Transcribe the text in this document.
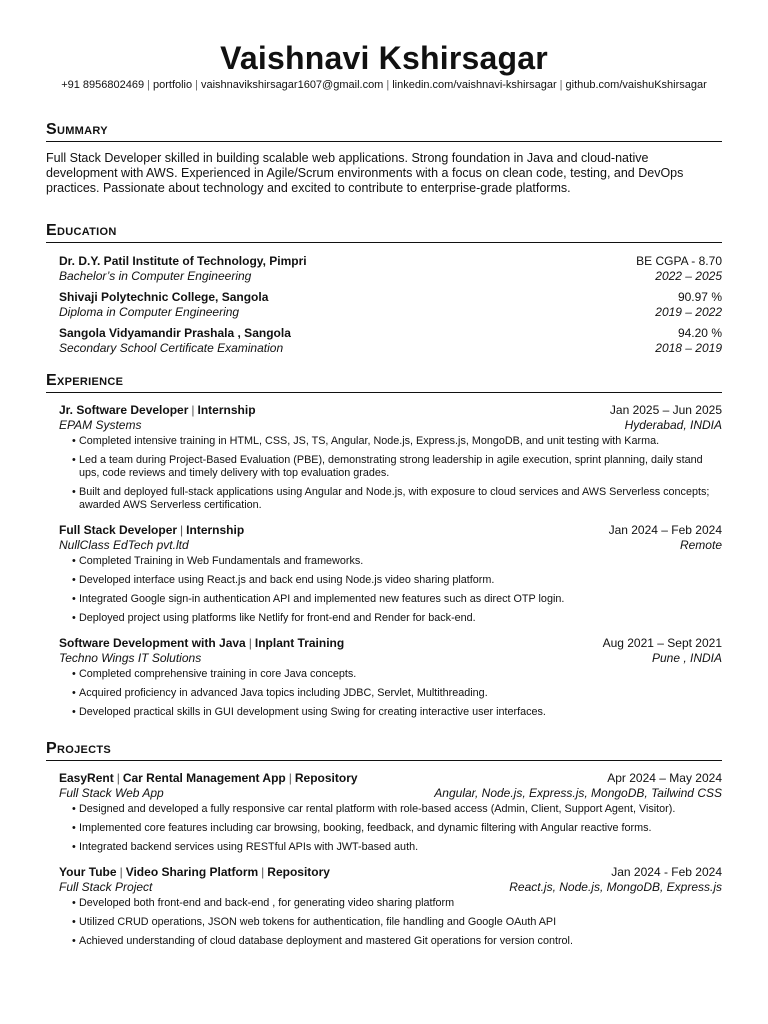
Vaishnavi Kshirsagar
+91 8956802469 | portfolio | vaishnavikshirsagar1607@gmail.com | linkedin.com/vaishnavi-kshirsagar | github.com/vaishuKshirsagar
Summary
Full Stack Developer skilled in building scalable web applications. Strong foundation in Java and cloud-native development with AWS. Experienced in Agile/Scrum environments with a focus on clean code, testing, and DevOps practices. Passionate about technology and excited to contribute to enterprise-grade platforms.
Education
Dr. D.Y. Patil Institute of Technology, Pimpri	BE CGPA - 8.70
Bachelor’s in Computer Engineering	2022 – 2025
Shivaji Polytechnic College, Sangola	90.97 %
Diploma in Computer Engineering	2019 – 2022
Sangola Vidyamandir Prashala , Sangola	94.20 %
Secondary School Certificate Examination	2018 – 2019
Experience
Jr. Software Developer | Internship	Jan 2025 – Jun 2025
EPAM Systems	Hyderabad, INDIA
• Completed intensive training in HTML, CSS, JS, TS, Angular, Node.js, Express.js, MongoDB, and unit testing with Karma.
• Led a team during Project-Based Evaluation (PBE), demonstrating strong leadership in agile execution, sprint planning, daily stand ups, code reviews and timely delivery with top evaluation grades.
• Built and deployed full-stack applications using Angular and Node.js, with exposure to cloud services and AWS Serverless concepts; awarded AWS Serverless certification.
Full Stack Developer | Internship	Jan 2024 – Feb 2024
NullClass EdTech pvt.ltd	Remote
• Completed Training in Web Fundamentals and frameworks.
• Developed interface using React.js and back end using Node.js video sharing platform.
• Integrated Google sign-in authentication API and implemented new features such as direct OTP login.
• Deployed project using platforms like Netlify for front-end and Render for back-end.
Software Development with Java | Inplant Training	Aug 2021 – Sept 2021
Techno Wings IT Solutions	Pune , INDIA
• Completed comprehensive training in core Java concepts.
• Acquired proficiency in advanced Java topics including JDBC, Servlet, Multithreading.
• Developed practical skills in GUI development using Swing for creating interactive user interfaces.
Projects
EasyRent | Car Rental Management App | Repository	Apr 2024 – May 2024
Full Stack Web App	Angular, Node.js, Express.js, MongoDB, Tailwind CSS
• Designed and developed a fully responsive car rental platform with role-based access (Admin, Client, Support Agent, Visitor).
• Implemented core features including car browsing, booking, feedback, and dynamic filtering with Angular reactive forms.
• Integrated backend services using RESTful APIs with JWT-based auth.
Your Tube | Video Sharing Platform | Repository	Jan 2024 - Feb 2024
Full Stack Project	React.js, Node.js, MongoDB, Express.js
• Developed both front-end and back-end , for generating video sharing platform
• Utilized CRUD operations, JSON web tokens for authentication, file handling and Google OAuth API
• Achieved understanding of cloud database deployment and mastered Git operations for version control.
